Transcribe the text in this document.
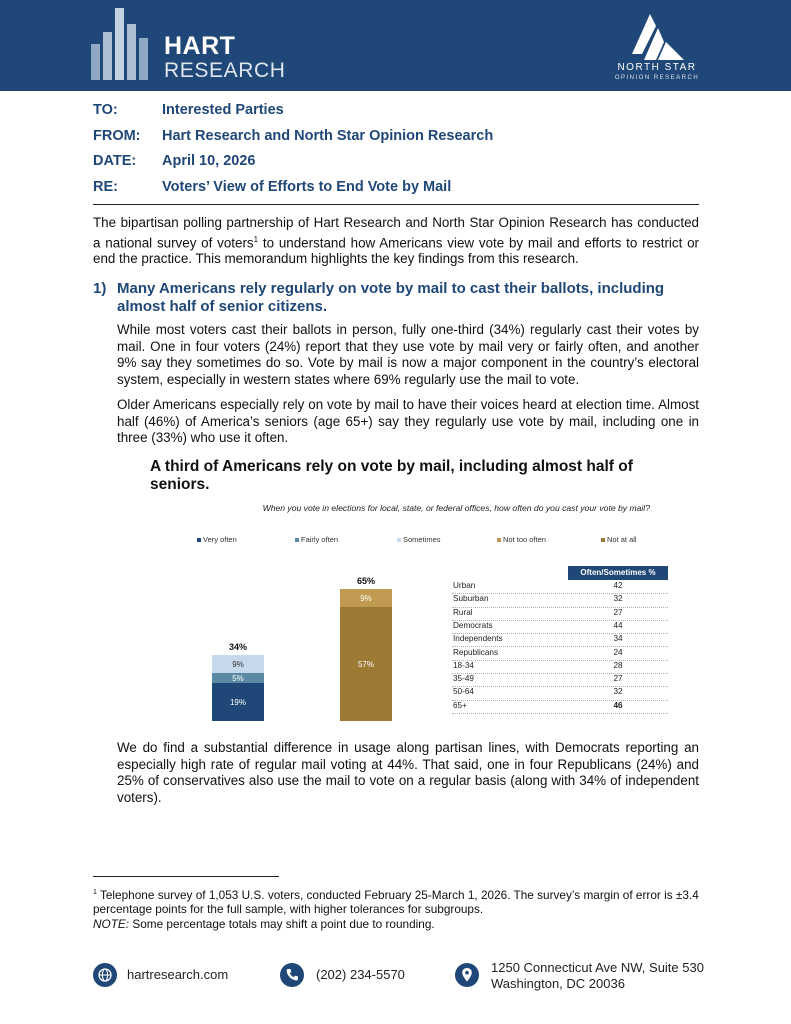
HART
RESEARCH	NORTH STAR
OPINION RESEARCH
TO:	Interested Parties
FROM: Hart Research and North Star Opinion Research
DATE: April 10, 2026
RE:	Voters’ View of Efforts to End Vote by Mail
The bipartisan polling partnership of Hart Research and North Star Opinion Research has conducted a national survey of voters$^1$ to understand how Americans view vote by mail and efforts to restrict or end the practice. This memorandum highlights the key findings from this research.
1) Many Americans rely regularly on vote by mail to cast their ballots, including almost half of senior citizens.
While most voters cast their ballots in person, fully one-third (34%) regularly cast their votes by mail. One in four voters (24%) report that they use vote by mail very or fairly often, and another 9% say they sometimes do so. Vote by mail is now a major component in the country’s electoral system, especially in western states where 69% regularly use the mail to vote.
Older Americans especially rely on vote by mail to have their voices heard at election time. Almost half (46%) of America’s seniors (age 65+) say they regularly use vote by mail, including one in three (33%) who use it often.
A third of Americans rely on vote by mail, including almost half of seniors.
When you vote in elections for local, state, or federal offices, how often do you cast your vote by mail?
Very often	Fairly often	Sometimes	Not too often	Not at all
19%
5%
9%
34%
57%
9%
65%
Often/Sometimes %
Urban	42
Suburban	32
Rural	27
Democrats	44
Independents	34
Republicans	24
18-34	28
35-49	27
50-64	32
65+	46
We do find a substantial difference in usage along partisan lines, with Democrats reporting an especially high rate of regular mail voting at 44%. That said, one in four Republicans (24%) and 25% of conservatives also use the mail to vote on a regular basis (along with 34% of independent voters).
$^1$ Telephone survey of 1,053 U.S. voters, conducted February 25-March 1, 2026. The survey’s margin of error is ±3.4 percentage points for the full sample, with higher tolerances for subgroups.
NOTE: Some percentage totals may shift a point due to rounding.
hartresearch.com	(202) 234-5570	1250 Connecticut Ave NW, Suite 530
Washington, DC 20036
